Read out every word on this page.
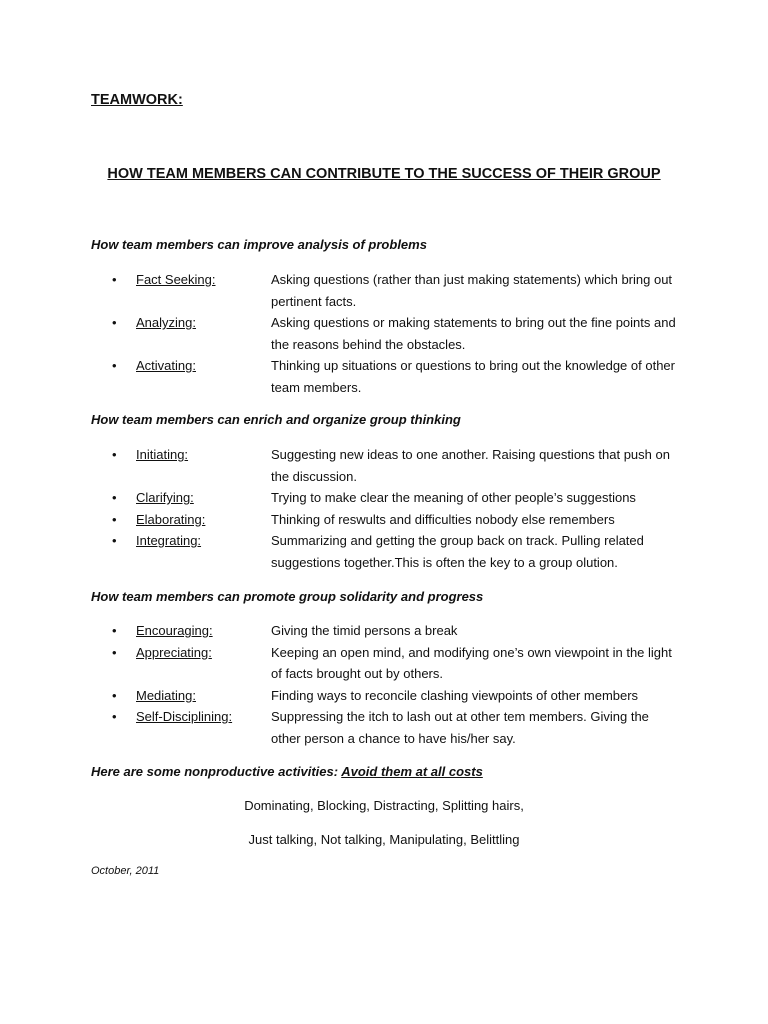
TEAMWORK:
HOW TEAM MEMBERS CAN CONTRIBUTE TO THE SUCCESS OF THEIR GROUP
How team members can improve analysis of problems
• Fact Seeking:	Asking questions (rather than just making statements) which bring out pertinent facts.
• Analyzing:	Asking questions or making statements to bring out the fine points and the reasons behind the obstacles.
• Activating:	Thinking up situations or questions to bring out the knowledge of other team members.
How team members can enrich and organize group thinking
• Initiating:	Suggesting new ideas to one another. Raising questions that push on the discussion.
• Clarifying:	Trying to make clear the meaning of other people’s suggestions
• Elaborating:	Thinking of reswults and difficulties nobody else remembers
• Integrating:	Summarizing and getting the group back on track. Pulling related suggestions together.This is often the key to a group olution.
How team members can promote group solidarity and progress
• Encouraging:	Giving the timid persons a break
• Appreciating:	Keeping an open mind, and modifying one’s own viewpoint in the light of facts brought out by others.
• Mediating:	Finding ways to reconcile clashing viewpoints of other members
• Self-Disciplining:	Suppressing the itch to lash out at other tem members. Giving the other person a chance to have his/her say.
Here are some nonproductive activities: Avoid them at all costs
Dominating, Blocking, Distracting, Splitting hairs,
Just talking, Not talking, Manipulating, Belittling
October, 2011
